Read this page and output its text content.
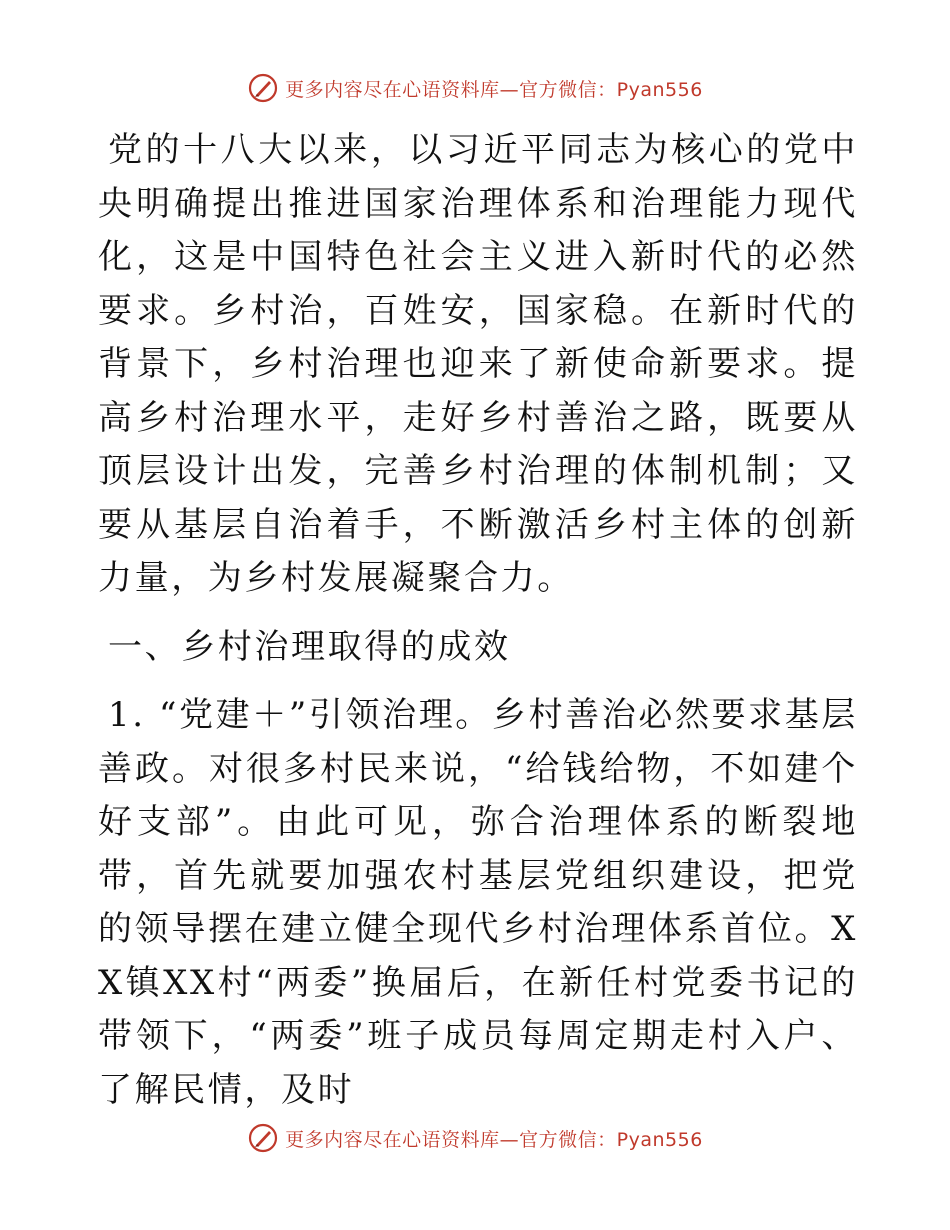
更多内容尽在心语资料库—官方微信：Pyan556

党的十八大以来，以习近平同志为核心的党中央明确提出推进国家治理体系和治理能力现代化，这是中国特色社会主义进入新时代的必然要求。乡村治，百姓安，国家稳。在新时代的背景下，乡村治理也迎来了新使命新要求。提高乡村治理水平，走好乡村善治之路，既要从顶层设计出发，完善乡村治理的体制机制；又要从基层自治着手，不断激活乡村主体的创新力量，为乡村发展凝聚合力。

一、乡村治理取得的成效

1. “党建＋”引领治理。乡村善治必然要求基层善政。对很多村民来说，“给钱给物，不如建个好支部”。由此可见，弥合治理体系的断裂地带，首先就要加强农村基层党组织建设，把党的领导摆在建立健全现代乡村治理体系首位。XX镇XX村“两委”换届后，在新任村党委书记的带领下，“两委”班子成员每周定期走村入户、了解民情，及时

更多内容尽在心语资料库—官方微信：Pyan556
